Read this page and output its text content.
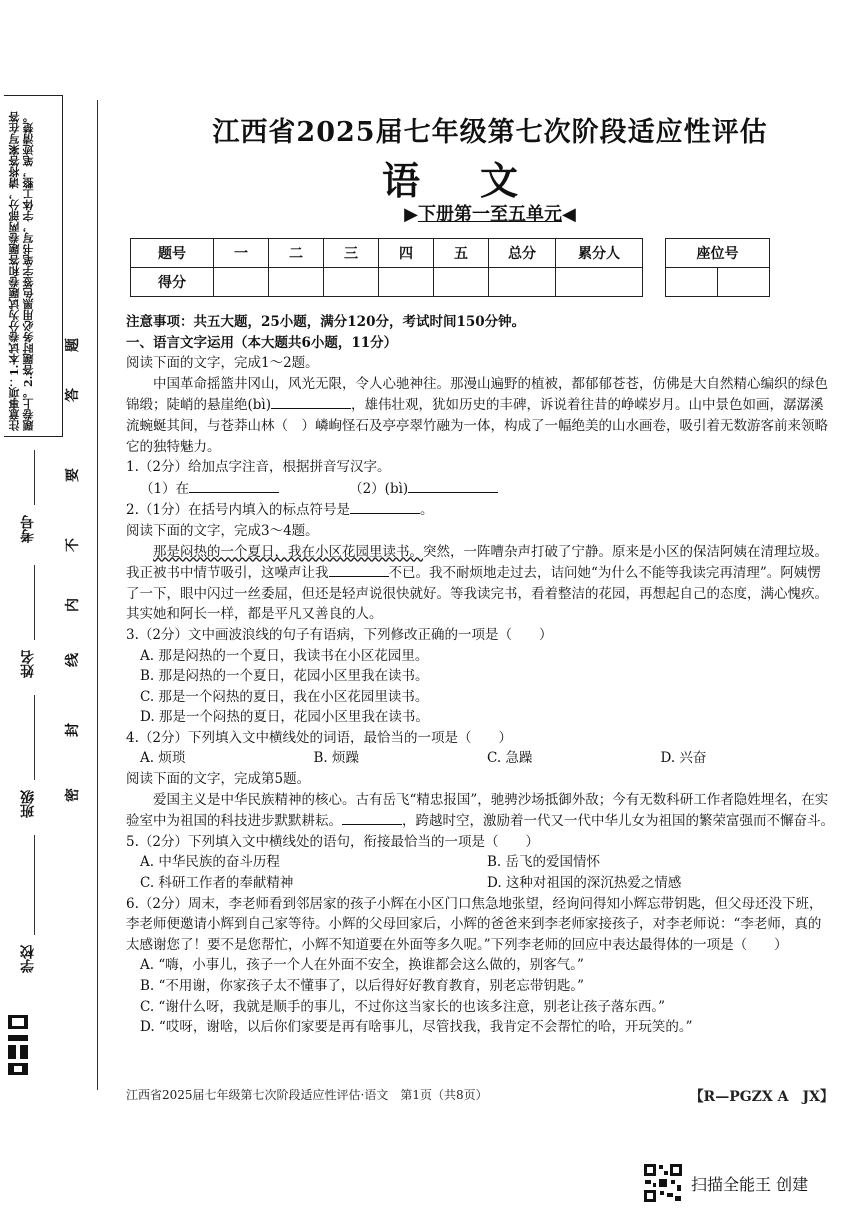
注意事项：1.本试卷分为试题卷和答题卷两部分，请将答案写在答题卷上。2.答题时务必用黑色签字笔书写，字体工整，笔迹清楚。	答
题
要
不
内
线
封
密
考号
姓名
班级
学校
江西省2025届七年级第七次阶段适应性评估
语文
▶下册第一至五单元◀
题号	一	二	三	四	五	总分	累分人
得分							
座位号

注意事项：共五大题，25小题，满分120分，考试时间150分钟。

一、语言文字运用（本大题共6小题，11分）

阅读下面的文字，完成1～2题。

中国革命摇篮井冈山，风光无限，令人心驰神往。那漫山遍野的植被，都郁郁苍苍，仿佛是大自然精心编织的绿色锦缎；陡峭的悬崖绝(bì)	，雄伟壮观，犹如历史的丰碑，诉说着往昔的峥嵘岁月。山中景色如画，潺潺溪流蜿蜒其间，与苍莽山林（　）嶙峋怪石及亭亭翠竹融为一体，构成了一幅绝美的山水画卷，吸引着无数游客前来领略它的独特魅力。

1.（2分）给加点字注音，根据拼音写汉字。

（1）在	（2）(bì)

2.（1分）在括号内填入的标点符号是	。

阅读下面的文字，完成3～4题。

那是闷热的一个夏日，我在小区花园里读书。突然，一阵嘈杂声打破了宁静。原来是小区的保洁阿姨在清理垃圾。我正被书中情节吸引，这噪声让我	不已。我不耐烦地走过去，诘问她“为什么不能等我读完再清理”。阿姨愣了一下，眼中闪过一丝委屈，但还是轻声说很快就好。等我读完书，看着整洁的花园，再想起自己的态度，满心愧疚。其实她和阿长一样，都是平凡又善良的人。

3.（2分）文中画波浪线的句子有语病，下列修改正确的一项是（　　）

A. 那是闷热的一个夏日，我读书在小区花园里。

B. 那是闷热的一个夏日，花园小区里我在读书。

C. 那是一个闷热的夏日，我在小区花园里读书。

D. 那是一个闷热的夏日，花园小区里我在读书。

4.（2分）下列填入文中横线处的词语，最恰当的一项是（　　）

A. 烦琐	B. 烦躁	C. 急躁	D. 兴奋

阅读下面的文字，完成第5题。

爱国主义是中华民族精神的核心。古有岳飞“精忠报国”，驰骋沙场抵御外敌；今有无数科研工作者隐姓埋名，在实验室中为祖国的科技进步默默耕耘。	，跨越时空，激励着一代又一代中华儿女为祖国的繁荣富强而不懈奋斗。

5.（2分）下列填入文中横线处的语句，衔接最恰当的一项是（　　）

A. 中华民族的奋斗历程	B. 岳飞的爱国情怀

C. 科研工作者的奉献精神	D. 这种对祖国的深沉热爱之情感

6.（2分）周末，李老师看到邻居家的孩子小辉在小区门口焦急地张望，经询问得知小辉忘带钥匙，但父母还没下班，李老师便邀请小辉到自己家等待。小辉的父母回家后，小辉的爸爸来到李老师家接孩子，对李老师说：“李老师，真的太感谢您了！要不是您帮忙，小辉不知道要在外面等多久呢。”下列李老师的回应中表达最得体的一项是（　　）

A. “嗨，小事儿，孩子一个人在外面不安全，换谁都会这么做的，别客气。”

B. “不用谢，你家孩子太不懂事了，以后得好好教育教育，别老忘带钥匙。”

C. “谢什么呀，我就是顺手的事儿，不过你这当家长的也该多注意，别老让孩子落东西。”

D. “哎呀，谢啥，以后你们家要是再有啥事儿，尽管找我，我肯定不会帮忙的哈，开玩笑的。”

江西省2025届七年级第七次阶段适应性评估·语文　第1页（共8页）	【R—PGZX A　JX】
扫描全能王 创建
